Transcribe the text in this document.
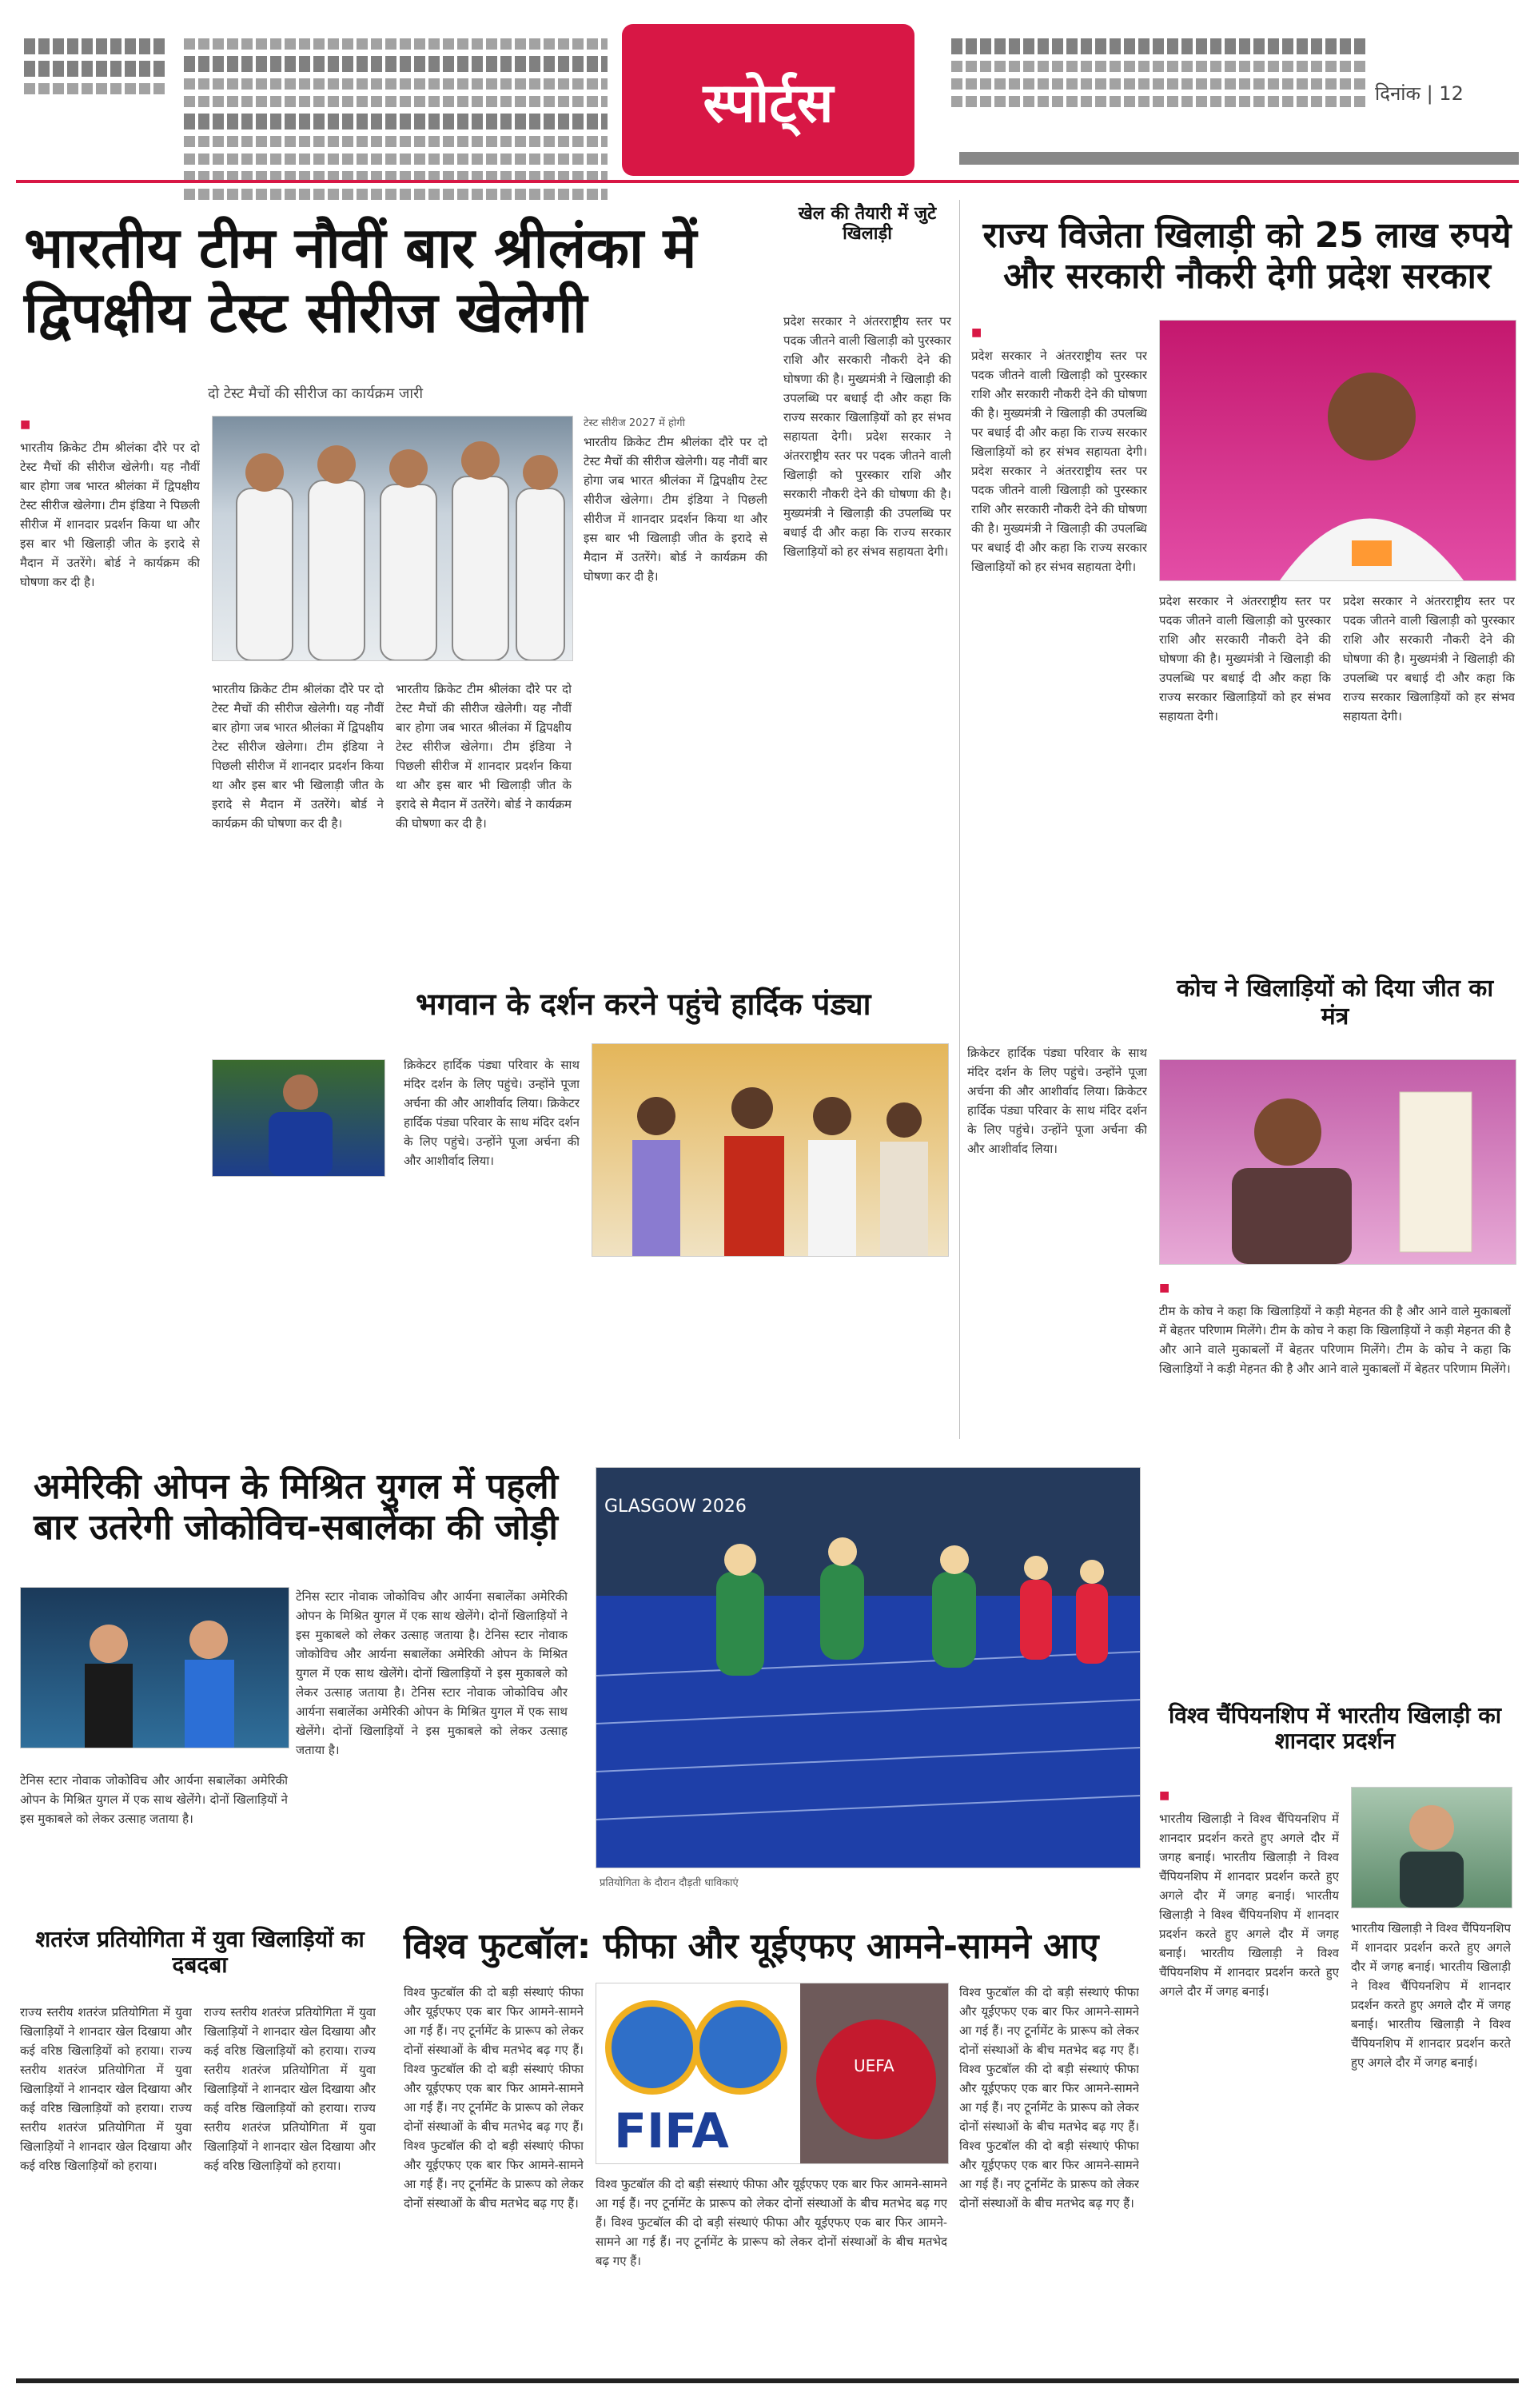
स्पोर्ट्स	दिनांक | 12
भारतीय टीम नौवीं बार श्रीलंका में द्विपक्षीय टेस्ट सीरीज खेलेगी
दो टेस्ट मैचों की सीरीज का कार्यक्रम जारी
■
भारतीय क्रिकेट टीम श्रीलंका दौरे पर दो टेस्ट मैचों की सीरीज खेलेगी। यह नौवीं बार होगा जब भारत श्रीलंका में द्विपक्षीय टेस्ट सीरीज खेलेगा। टीम इंडिया ने पिछली सीरीज में शानदार प्रदर्शन किया था और इस बार भी खिलाड़ी जीत के इरादे से मैदान में उतरेंगे। बोर्ड ने कार्यक्रम की घोषणा कर दी है।
भारतीय क्रिकेट टीम श्रीलंका दौरे पर दो टेस्ट मैचों की सीरीज खेलेगी। यह नौवीं बार होगा जब भारत श्रीलंका में द्विपक्षीय टेस्ट सीरीज खेलेगा। टीम इंडिया ने पिछली सीरीज में शानदार प्रदर्शन किया था और इस बार भी खिलाड़ी जीत के इरादे से मैदान में उतरेंगे। बोर्ड ने कार्यक्रम की घोषणा कर दी है।
भारतीय क्रिकेट टीम श्रीलंका दौरे पर दो टेस्ट मैचों की सीरीज खेलेगी। यह नौवीं बार होगा जब भारत श्रीलंका में द्विपक्षीय टेस्ट सीरीज खेलेगा। टीम इंडिया ने पिछली सीरीज में शानदार प्रदर्शन किया था और इस बार भी खिलाड़ी जीत के इरादे से मैदान में उतरेंगे। बोर्ड ने कार्यक्रम की घोषणा कर दी है।
टेस्ट सीरीज 2027 में होगी
भारतीय क्रिकेट टीम श्रीलंका दौरे पर दो टेस्ट मैचों की सीरीज खेलेगी। यह नौवीं बार होगा जब भारत श्रीलंका में द्विपक्षीय टेस्ट सीरीज खेलेगा। टीम इंडिया ने पिछली सीरीज में शानदार प्रदर्शन किया था और इस बार भी खिलाड़ी जीत के इरादे से मैदान में उतरेंगे। बोर्ड ने कार्यक्रम की घोषणा कर दी है।
खेल की तैयारी में जुटे खिलाड़ी
प्रदेश सरकार ने अंतरराष्ट्रीय स्तर पर पदक जीतने वाली खिलाड़ी को पुरस्कार राशि और सरकारी नौकरी देने की घोषणा की है। मुख्यमंत्री ने खिलाड़ी की उपलब्धि पर बधाई दी और कहा कि राज्य सरकार खिलाड़ियों को हर संभव सहायता देगी। प्रदेश सरकार ने अंतरराष्ट्रीय स्तर पर पदक जीतने वाली खिलाड़ी को पुरस्कार राशि और सरकारी नौकरी देने की घोषणा की है। मुख्यमंत्री ने खिलाड़ी की उपलब्धि पर बधाई दी और कहा कि राज्य सरकार खिलाड़ियों को हर संभव सहायता देगी।
राज्य विजेता खिलाड़ी को 25 लाख रुपये और सरकारी नौकरी देगी प्रदेश सरकार
■
प्रदेश सरकार ने अंतरराष्ट्रीय स्तर पर पदक जीतने वाली खिलाड़ी को पुरस्कार राशि और सरकारी नौकरी देने की घोषणा की है। मुख्यमंत्री ने खिलाड़ी की उपलब्धि पर बधाई दी और कहा कि राज्य सरकार खिलाड़ियों को हर संभव सहायता देगी। प्रदेश सरकार ने अंतरराष्ट्रीय स्तर पर पदक जीतने वाली खिलाड़ी को पुरस्कार राशि और सरकारी नौकरी देने की घोषणा की है। मुख्यमंत्री ने खिलाड़ी की उपलब्धि पर बधाई दी और कहा कि राज्य सरकार खिलाड़ियों को हर संभव सहायता देगी।
प्रदेश सरकार ने अंतरराष्ट्रीय स्तर पर पदक जीतने वाली खिलाड़ी को पुरस्कार राशि और सरकारी नौकरी देने की घोषणा की है। मुख्यमंत्री ने खिलाड़ी की उपलब्धि पर बधाई दी और कहा कि राज्य सरकार खिलाड़ियों को हर संभव सहायता देगी।
प्रदेश सरकार ने अंतरराष्ट्रीय स्तर पर पदक जीतने वाली खिलाड़ी को पुरस्कार राशि और सरकारी नौकरी देने की घोषणा की है। मुख्यमंत्री ने खिलाड़ी की उपलब्धि पर बधाई दी और कहा कि राज्य सरकार खिलाड़ियों को हर संभव सहायता देगी।
भगवान के दर्शन करने पहुंचे हार्दिक पंड्या
क्रिकेटर हार्दिक पंड्या परिवार के साथ मंदिर दर्शन के लिए पहुंचे। उन्होंने पूजा अर्चना की और आशीर्वाद लिया। क्रिकेटर हार्दिक पंड्या परिवार के साथ मंदिर दर्शन के लिए पहुंचे। उन्होंने पूजा अर्चना की और आशीर्वाद लिया।
क्रिकेटर हार्दिक पंड्या परिवार के साथ मंदिर दर्शन के लिए पहुंचे। उन्होंने पूजा अर्चना की और आशीर्वाद लिया। क्रिकेटर हार्दिक पंड्या परिवार के साथ मंदिर दर्शन के लिए पहुंचे। उन्होंने पूजा अर्चना की और आशीर्वाद लिया।
कोच ने खिलाड़ियों को दिया जीत का मंत्र
■
टीम के कोच ने कहा कि खिलाड़ियों ने कड़ी मेहनत की है और आने वाले मुकाबलों में बेहतर परिणाम मिलेंगे। टीम के कोच ने कहा कि खिलाड़ियों ने कड़ी मेहनत की है और आने वाले मुकाबलों में बेहतर परिणाम मिलेंगे। टीम के कोच ने कहा कि खिलाड़ियों ने कड़ी मेहनत की है और आने वाले मुकाबलों में बेहतर परिणाम मिलेंगे।
अमेरिकी ओपन के मिश्रित युगल में पहली बार उतरेगी जोकोविच-सबालेंका की जोड़ी
टेनिस स्टार नोवाक जोकोविच और आर्यना सबालेंका अमेरिकी ओपन के मिश्रित युगल में एक साथ खेलेंगे। दोनों खिलाड़ियों ने इस मुकाबले को लेकर उत्साह जताया है। टेनिस स्टार नोवाक जोकोविच और आर्यना सबालेंका अमेरिकी ओपन के मिश्रित युगल में एक साथ खेलेंगे। दोनों खिलाड़ियों ने इस मुकाबले को लेकर उत्साह जताया है। टेनिस स्टार नोवाक जोकोविच और आर्यना सबालेंका अमेरिकी ओपन के मिश्रित युगल में एक साथ खेलेंगे। दोनों खिलाड़ियों ने इस मुकाबले को लेकर उत्साह जताया है।
टेनिस स्टार नोवाक जोकोविच और आर्यना सबालेंका अमेरिकी ओपन के मिश्रित युगल में एक साथ खेलेंगे। दोनों खिलाड़ियों ने इस मुकाबले को लेकर उत्साह जताया है।
GLASGOW 2026
प्रतियोगिता के दौरान दौड़ती धाविकाएं
विश्व चैंपियनशिप में भारतीय खिलाड़ी का शानदार प्रदर्शन
■
भारतीय खिलाड़ी ने विश्व चैंपियनशिप में शानदार प्रदर्शन करते हुए अगले दौर में जगह बनाई। भारतीय खिलाड़ी ने विश्व चैंपियनशिप में शानदार प्रदर्शन करते हुए अगले दौर में जगह बनाई। भारतीय खिलाड़ी ने विश्व चैंपियनशिप में शानदार प्रदर्शन करते हुए अगले दौर में जगह बनाई। भारतीय खिलाड़ी ने विश्व चैंपियनशिप में शानदार प्रदर्शन करते हुए अगले दौर में जगह बनाई।
भारतीय खिलाड़ी ने विश्व चैंपियनशिप में शानदार प्रदर्शन करते हुए अगले दौर में जगह बनाई। भारतीय खिलाड़ी ने विश्व चैंपियनशिप में शानदार प्रदर्शन करते हुए अगले दौर में जगह बनाई। भारतीय खिलाड़ी ने विश्व चैंपियनशिप में शानदार प्रदर्शन करते हुए अगले दौर में जगह बनाई।
शतरंज प्रतियोगिता में युवा खिलाड़ियों का दबदबा
राज्य स्तरीय शतरंज प्रतियोगिता में युवा खिलाड़ियों ने शानदार खेल दिखाया और कई वरिष्ठ खिलाड़ियों को हराया। राज्य स्तरीय शतरंज प्रतियोगिता में युवा खिलाड़ियों ने शानदार खेल दिखाया और कई वरिष्ठ खिलाड़ियों को हराया। राज्य स्तरीय शतरंज प्रतियोगिता में युवा खिलाड़ियों ने शानदार खेल दिखाया और कई वरिष्ठ खिलाड़ियों को हराया।
राज्य स्तरीय शतरंज प्रतियोगिता में युवा खिलाड़ियों ने शानदार खेल दिखाया और कई वरिष्ठ खिलाड़ियों को हराया। राज्य स्तरीय शतरंज प्रतियोगिता में युवा खिलाड़ियों ने शानदार खेल दिखाया और कई वरिष्ठ खिलाड़ियों को हराया। राज्य स्तरीय शतरंज प्रतियोगिता में युवा खिलाड़ियों ने शानदार खेल दिखाया और कई वरिष्ठ खिलाड़ियों को हराया।
विश्व फुटबॉल: फीफा और यूईएफए आमने-सामने आए
FIFA
UEFA
विश्व फुटबॉल की दो बड़ी संस्थाएं फीफा और यूईएफए एक बार फिर आमने-सामने आ गई हैं। नए टूर्नामेंट के प्रारूप को लेकर दोनों संस्थाओं के बीच मतभेद बढ़ गए हैं। विश्व फुटबॉल की दो बड़ी संस्थाएं फीफा और यूईएफए एक बार फिर आमने-सामने आ गई हैं। नए टूर्नामेंट के प्रारूप को लेकर दोनों संस्थाओं के बीच मतभेद बढ़ गए हैं। विश्व फुटबॉल की दो बड़ी संस्थाएं फीफा और यूईएफए एक बार फिर आमने-सामने आ गई हैं। नए टूर्नामेंट के प्रारूप को लेकर दोनों संस्थाओं के बीच मतभेद बढ़ गए हैं।
विश्व फुटबॉल की दो बड़ी संस्थाएं फीफा और यूईएफए एक बार फिर आमने-सामने आ गई हैं। नए टूर्नामेंट के प्रारूप को लेकर दोनों संस्थाओं के बीच मतभेद बढ़ गए हैं। विश्व फुटबॉल की दो बड़ी संस्थाएं फीफा और यूईएफए एक बार फिर आमने-सामने आ गई हैं। नए टूर्नामेंट के प्रारूप को लेकर दोनों संस्थाओं के बीच मतभेद बढ़ गए हैं। विश्व फुटबॉल की दो बड़ी संस्थाएं फीफा और यूईएफए एक बार फिर आमने-सामने आ गई हैं। नए टूर्नामेंट के प्रारूप को लेकर दोनों संस्थाओं के बीच मतभेद बढ़ गए हैं।
विश्व फुटबॉल की दो बड़ी संस्थाएं फीफा और यूईएफए एक बार फिर आमने-सामने आ गई हैं। नए टूर्नामेंट के प्रारूप को लेकर दोनों संस्थाओं के बीच मतभेद बढ़ गए हैं। विश्व फुटबॉल की दो बड़ी संस्थाएं फीफा और यूईएफए एक बार फिर आमने-सामने आ गई हैं। नए टूर्नामेंट के प्रारूप को लेकर दोनों संस्थाओं के बीच मतभेद बढ़ गए हैं।
